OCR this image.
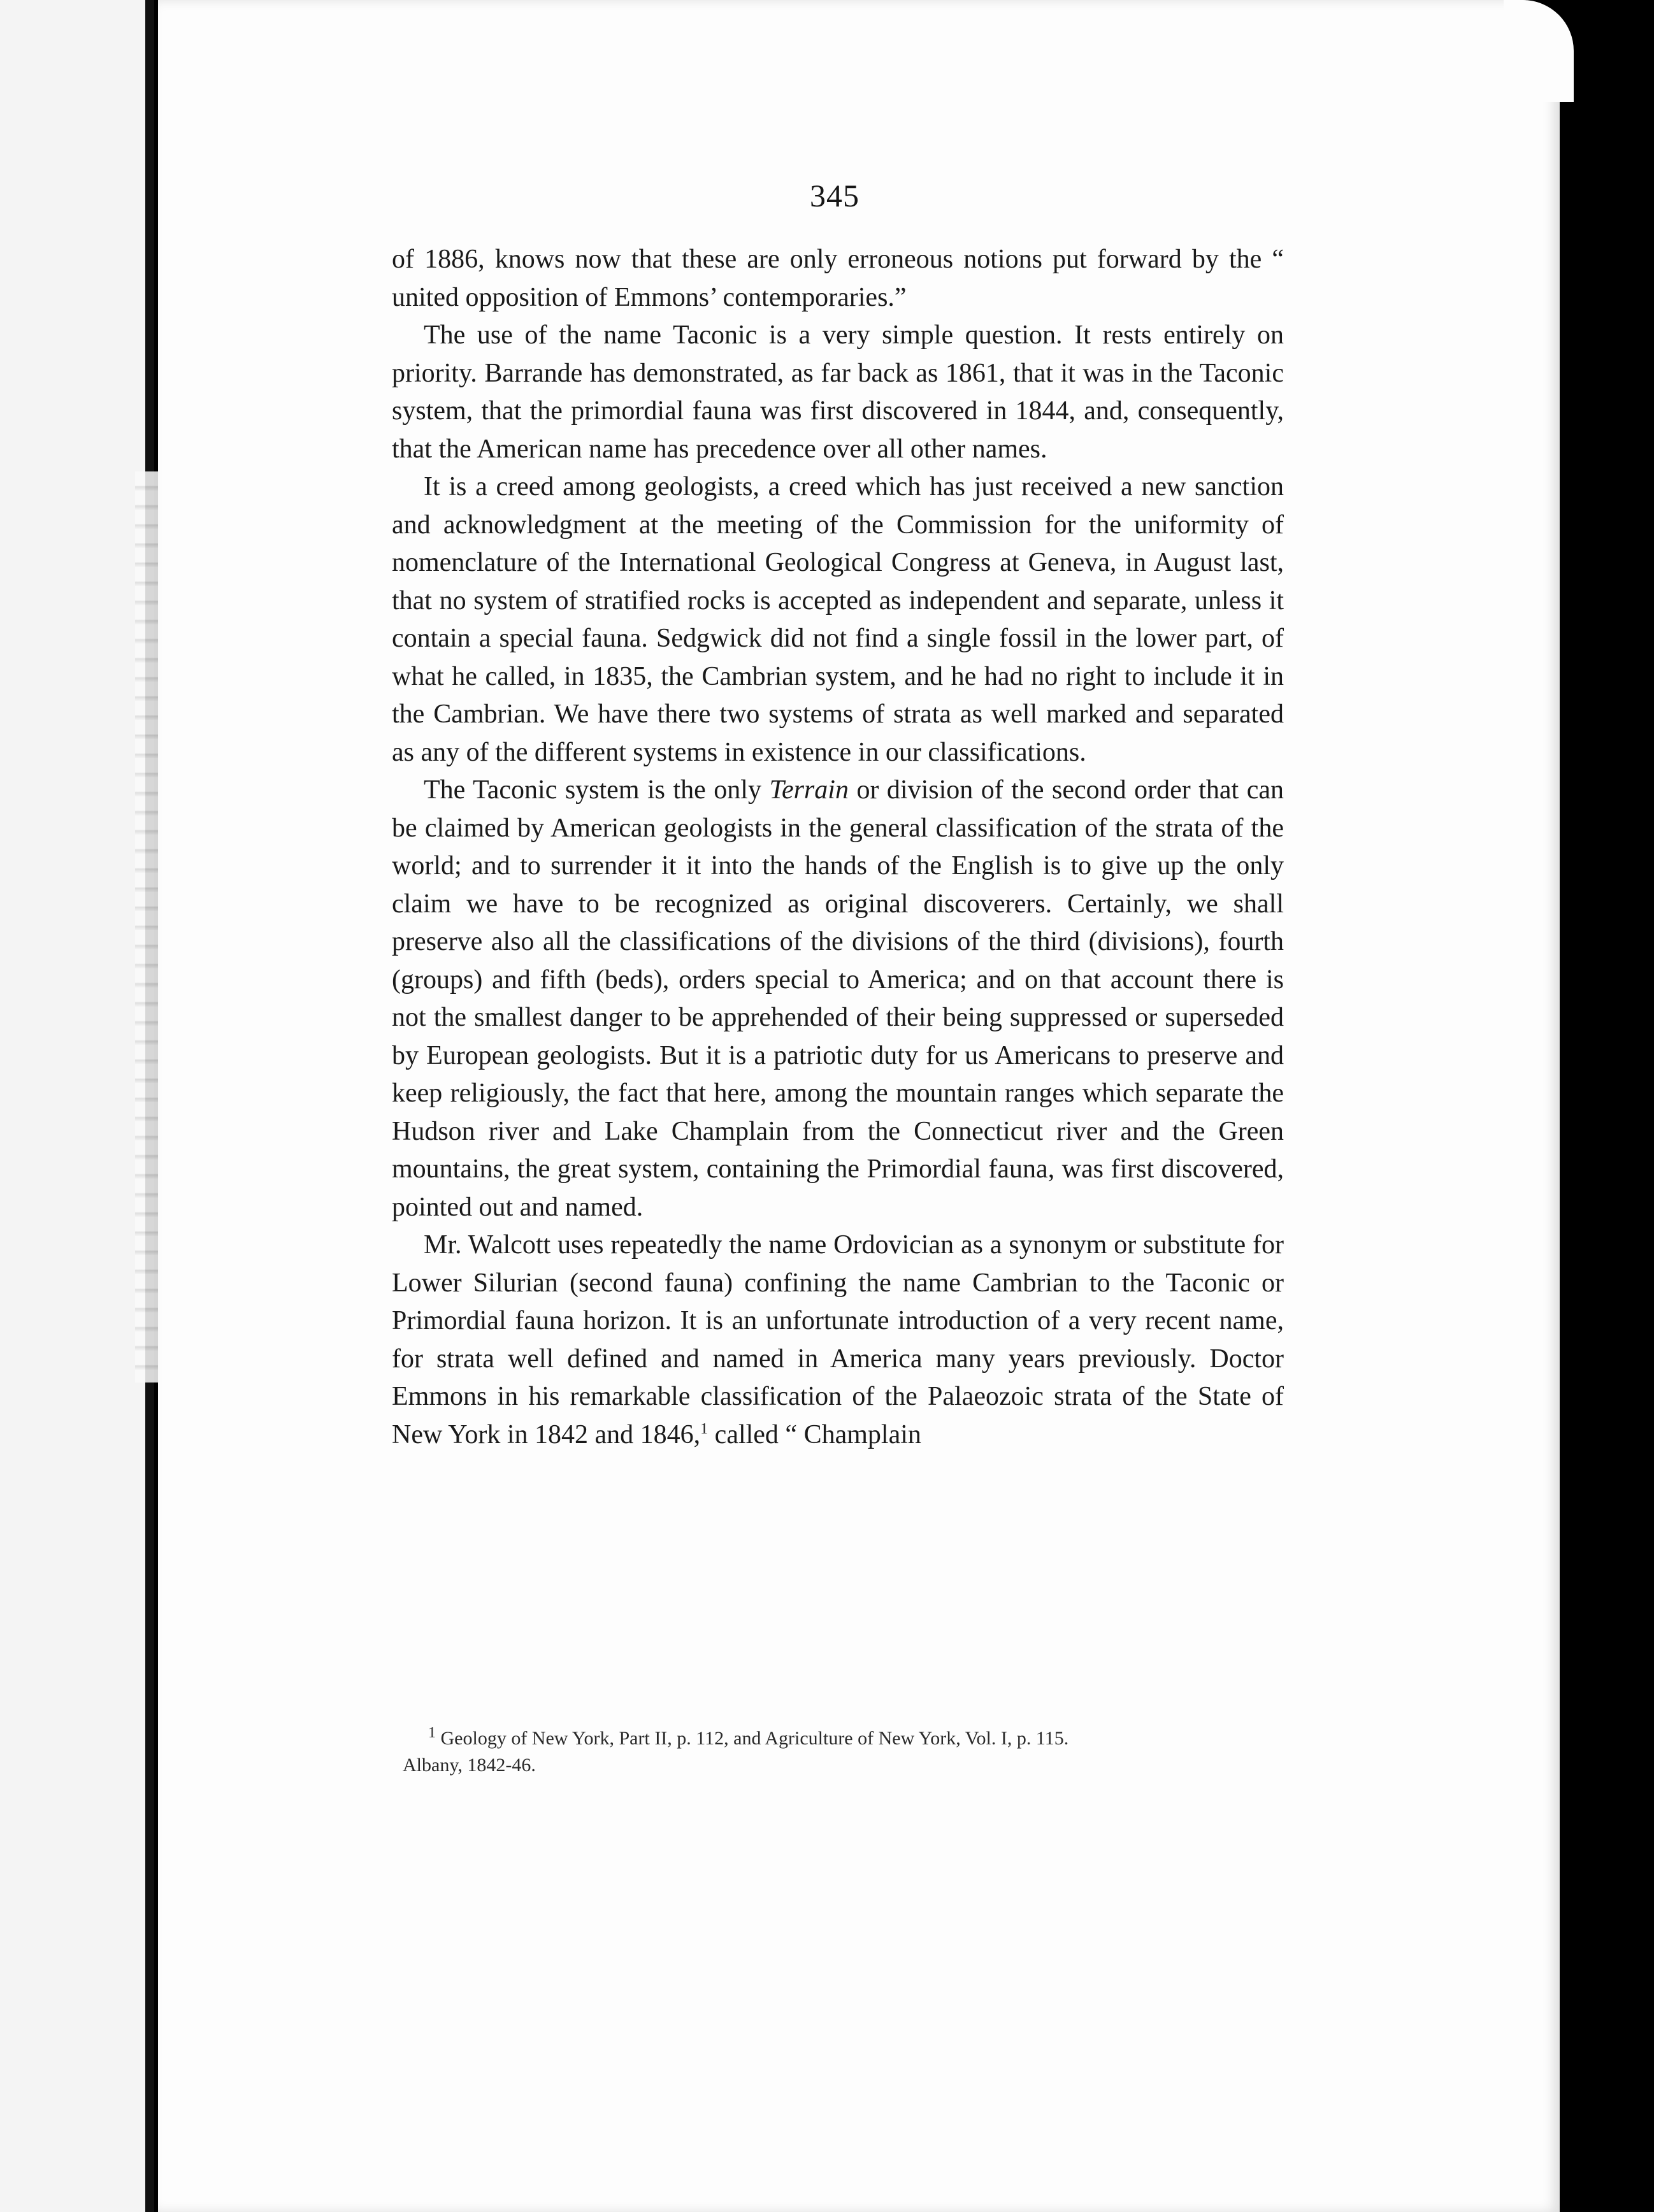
345

of 1886, knows now that these are only erroneous notions put forward by the “ united opposition of Emmons’ contemporaries.”

The use of the name Taconic is a very simple question. It rests entirely on priority. Barrande has demonstrated, as far back as 1861, that it was in the Taconic system, that the primordial fauna was first discovered in 1844, and, consequently, that the American name has precedence over all other names.

It is a creed among geologists, a creed which has just received a new sanction and acknowledgment at the meeting of the Commission for the uniformity of nomenclature of the International Geological Congress at Geneva, in August last, that no system of stratified rocks is accepted as independent and separate, unless it contain a special fauna. Sedgwick did not find a single fossil in the lower part, of what he called, in 1835, the Cambrian system, and he had no right to include it in the Cambrian. We have there two systems of strata as well marked and separated as any of the different systems in existence in our classifications.

The Taconic system is the only Terrain or division of the second order that can be claimed by American geologists in the general classification of the strata of the world; and to surrender it it into the hands of the English is to give up the only claim we have to be recognized as original discoverers. Certainly, we shall preserve also all the classifications of the divisions of the third (divisions), fourth (groups) and fifth (beds), orders special to America; and on that account there is not the smallest danger to be apprehended of their being suppressed or superseded by European geologists. But it is a patriotic duty for us Americans to preserve and keep religiously, the fact that here, among the mountain ranges which separate the Hudson river and Lake Champlain from the Connecticut river and the Green mountains, the great system, containing the Primordial fauna, was first discovered, pointed out and named.

Mr. Walcott uses repeatedly the name Ordovician as a synonym or substitute for Lower Silurian (second fauna) confining the name Cambrian to the Taconic or Primordial fauna horizon. It is an unfortunate introduction of a very recent name, for strata well defined and named in America many years previously. Doctor Emmons in his remarkable classification of the Palaeozoic strata of the State of New York in 1842 and 1846,$^1$ called “ Champlain

$^1$ Geology of New York, Part II, p. 112, and Agriculture of New York, Vol. I, p. 115.
Albany, 1842-46.
